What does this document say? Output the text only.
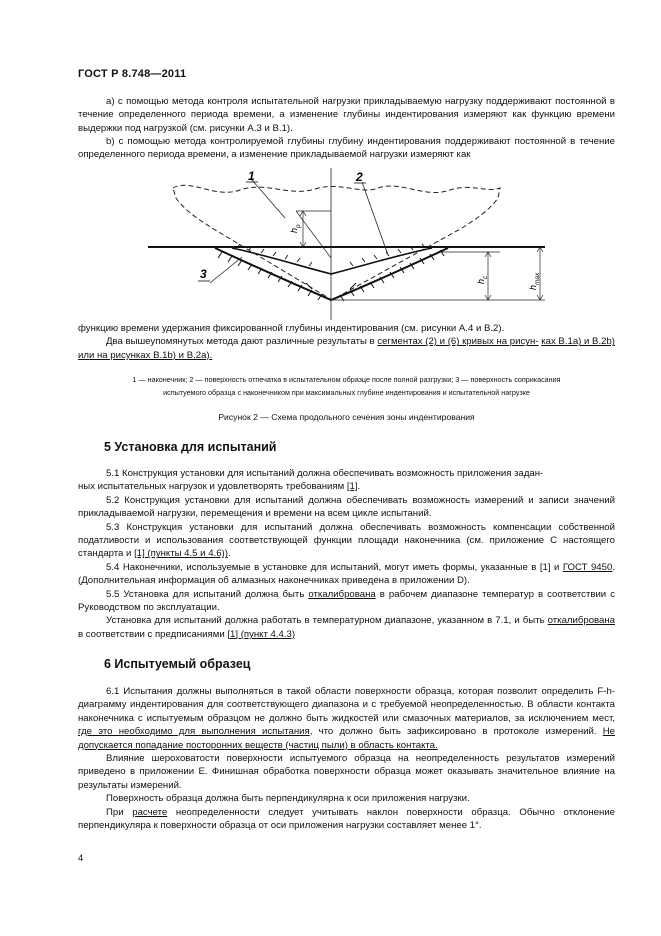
ГОСТ Р 8.748—2011
а) с помощью метода контроля испытательной нагрузки прикладываемую нагрузку поддерживают постоянной в течение определенного периода времени, а изменение глубины индентирования измеряют как функцию времени выдержки под нагрузкой (см. рисунки А.3 и В.1).
b) с помощью метода контролируемой глубины глубину индентирования поддерживают постоянной в течение определенного периода времени, а изменение прикладываемой нагрузки измеряют как
1	2
3
h
p
h
c
h
max
функцию времени удержания фиксированной глубины индентирования (см. рисунки А.4 и В.2).
Два вышеупомянутых метода дают различные результаты в сегментах (2) и (6) кривых на рисун- ках В.1а) и В.2b) или на рисунках В.1b) и В.2а).
1 — наконечник; 2 — поверхность отпечатка в испытательном образце после полной разгрузки; 3 — поверхность соприкасания
испытуемого образца с наконечником при максимальных глубине индентирования и испытательной нагрузке
Рисунок 2 — Схема продольного сечения зоны индентирования
5 Установка для испытаний
5.1 Конструкция установки для испытаний должна обеспечивать возможность приложения задан-
ных испытательных нагрузок и удовлетворять требованиям [1].
5.2 Конструкция установки для испытаний должна обеспечивать возможность измерений и записи значений прикладываемой нагрузки, перемещения и времени на всем цикле испытаний.
5.3 Конструкция установки для испытаний должна обеспечивать возможность компенсации собственной податливости и использования соответствующей функции площади наконечника (см. приложение С настоящего стандарта и [1] (пункты 4.5 и 4.6)).
5.4 Наконечники, используемые в установке для испытаний, могут иметь формы, указанные в [1] и ГОСТ 9450. (Дополнительная информация об алмазных наконечниках приведена в приложении D).
5.5 Установка для испытаний должна быть откалибрована в рабочем диапазоне температур в соответствии с Руководством по эксплуатации.
Установка для испытаний должна работать в температурном диапазоне, указанном в 7.1, и быть откалиброванa в соответствии с предписаниями [1] (пункт 4.4.3)
6 Испытуемый образец
6.1 Испытания должны выполняться в такой области поверхности образца, которая позволит определить F-h-диаграмму индентирования для соответствующего диапазона и с требуемой неопределенностью. В области контакта наконечника с испытуемым образцом не должно быть жидкостей или смазочных материалов, за исключением мест, где это необходимо для выполнения испытания, что должно быть зафиксировано в протоколе измерений. Не допускается попадание посторонних веществ (частиц пыли) в область контакта.
Влияние шероховатости поверхности испытуемого образца на неопределенность результатов измерений приведено в приложении Е. Финишная обработка поверхности образца может оказывать значительное влияние на результаты измерений.
Поверхность образца должна быть перпендикулярна к оси приложения нагрузки.
При расчете неопределенности следует учитывать наклон поверхности образца. Обычно отклонение перпендикуляра к поверхности образца от оси приложения нагрузки составляет менее 1°.
4
